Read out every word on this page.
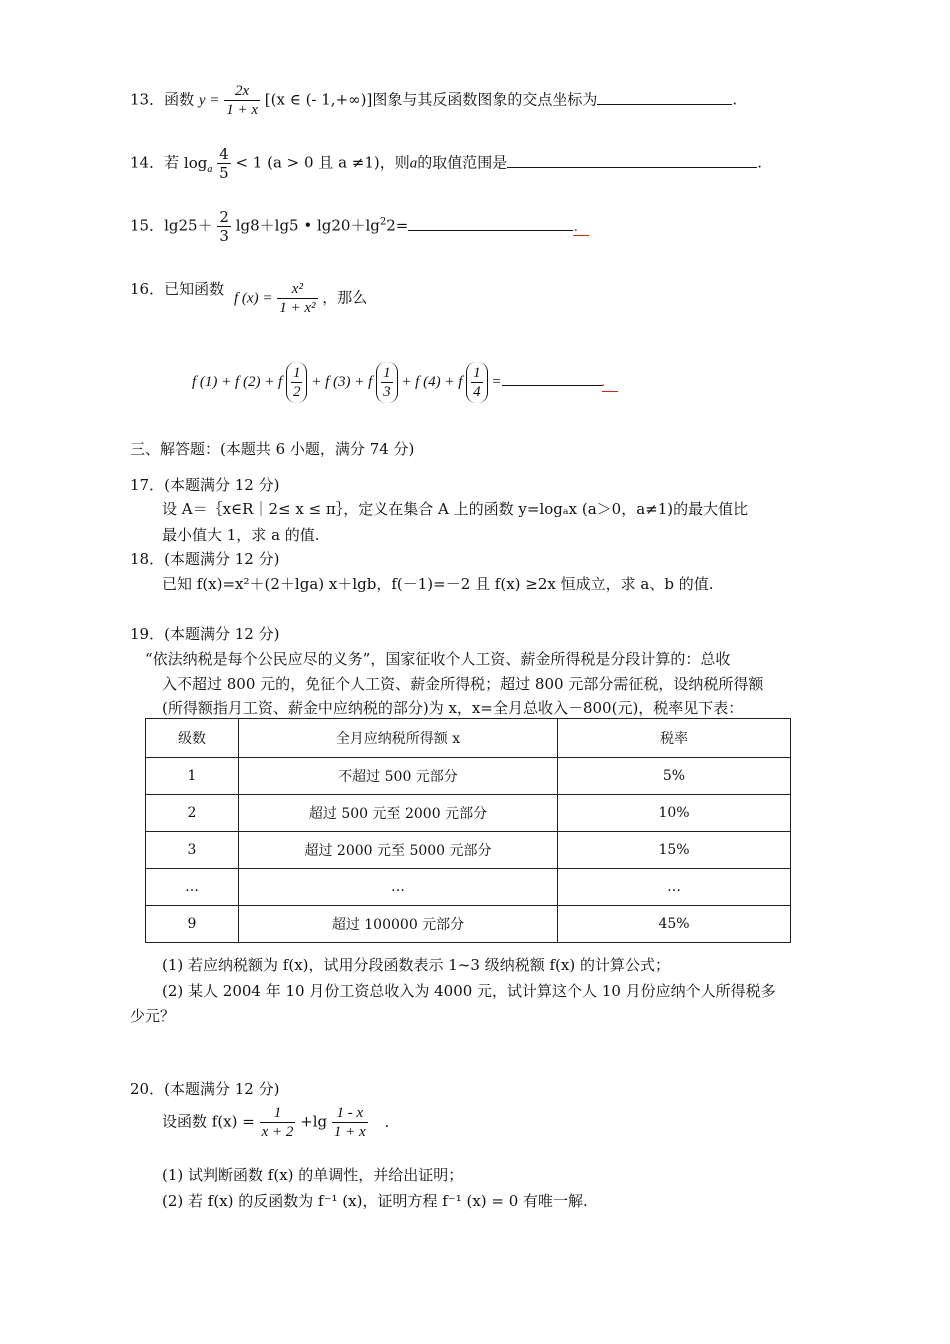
13．函数 $y = \frac{2x}{1 + x} [(x$ ∈ (- 1,+∞)]图象与其反函数图象的交点坐标为	.
14．若 $\log_a \frac{4}{5} < 1$ (a > 0 且 a ≠1)，则a的取值范围是	.
15．$\lg 25+ \frac{2}{3} \lg 8+\lg 5$ • $\lg 20+\lg^22=$	.
16．已知函数
f $(x) = \frac{\text{x²}}{\text{1 + x²}}$ ，那么
f (1) + f (2) + f $\frac{1}{2} + f$ (3) + f $\frac{1}{3} + f$ (4) + f $\frac{1}{4}$ =	.
三、解答题：(本题共 6 小题，满分 74 分)
17．(本题满分 12 分)
设 A＝｛x∈R｜2≤ x ≤ π｝，定义在集合 A 上的函数 y=logₐx (a＞0，a≠1)的最大值比
最小值大 1，求 a 的值.
18．(本题满分 12 分)
已知 f(x)=x²＋(2＋lga) x＋lgb，f(－1)=－2 且 f(x) ≥2x 恒成立，求 a、b 的值.
19．(本题满分 12 分)
“依法纳税是每个公民应尽的义务”，国家征收个人工资、薪金所得税是分段计算的：总收
入不超过 800 元的，免征个人工资、薪金所得税；超过 800 元部分需征税，设纳税所得额
(所得额指月工资、薪金中应纳税的部分)为 x，x=全月总收入－800(元)，税率见下表：
级数	全月应纳税所得额 x	税率
1	不超过 500 元部分	5%
2	超过 500 元至 2000 元部分	10%
3	超过 2000 元至 5000 元部分	15%
…	…	…
9	超过 100000 元部分	45%
(1) 若应纳税额为 f(x)，试用分段函数表示 1~3 级纳税额 f(x) 的计算公式；
(2) 某人 2004 年 10 月份工资总收入为 4000 元，试计算这个人 10 月份应纳个人所得税多
少元？
20．(本题满分 12 分)
设函数 $f(x) = \frac{1}{x + 2} +\lg \frac{1 - x}{1 + x}$ .
(1) 试判断函数 f(x) 的单调性，并给出证明；
(2) 若 f(x) 的反函数为 f⁻¹ (x)，证明方程 f⁻¹ (x) = 0 有唯一解.
